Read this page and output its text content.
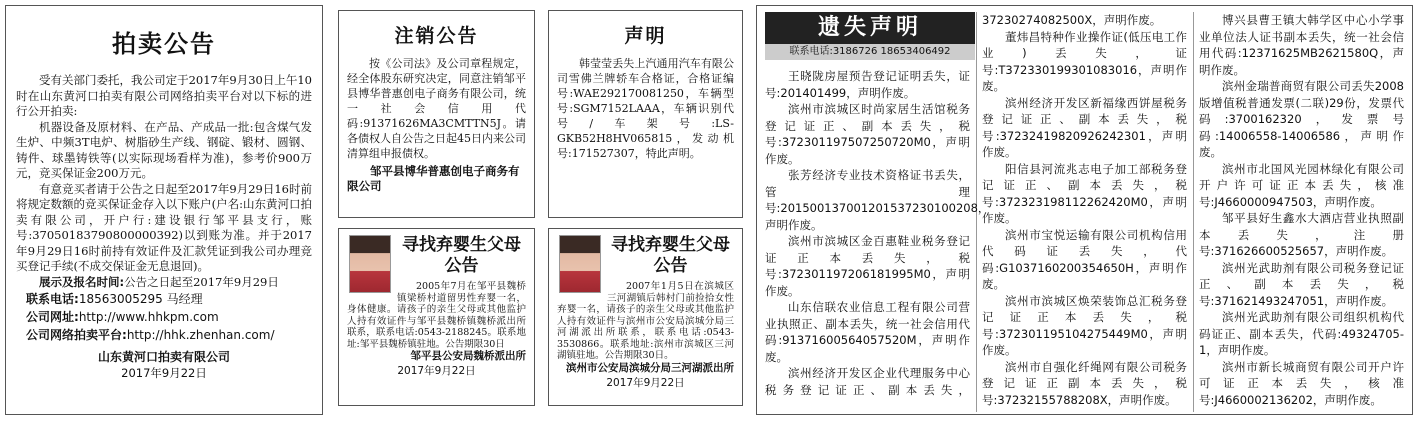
拍卖公告

受有关部门委托，我公司定于2017年9月30日上午10时在山东黄河口拍卖有限公司网络拍卖平台对以下标的进行公开拍卖:

机器设备及原材料、在产品、产成品一批:包含煤气发生炉、中频3T电炉、树脂砂生产线、钢碇、锻材、圆钢、铸件、球墨铸铁等(以实际现场看样为准)，参考价900万元，竞买保证金200万元。

有意竞买者请于公告之日起至2017年9月29日16时前将规定数额的竞买保证金存入以下账户(户名:山东黄河口拍卖有限公司，开户行:建设银行邹平县支行，账号:37050183790800000392)以到账为准。并于2017年9月29日16时前持有效证件及汇款凭证到我公司办理竞买登记手续(不成交保证金无息退回)。

展示及报名时间:公告之日起至2017年9月29日

联系电话:18563005295 马经理
公司网址:http://www.hhkpm.com
公司网络拍卖平台:http://hhk.zhenhan.com/
山东黄河口拍卖有限公司
2017年9月22日
注销公告

按《公司法》及公司章程规定，经全体股东研究决定，同意注销邹平县博华普惠创电子商务有限公司，统一社会信用代码:91371626MA3CMTTN5J。请各债权人自公告之日起45日内来公司清算组申报债权。

邹平县博华普惠创电子商务有限公司
声明

韩莹莹丢失上汽通用汽车有限公司雪佛兰牌轿车合格证，合格证编号:WAE292170081250，车辆型号:SGM7152LAAA，车辆识别代号/车架号:LS-GKB52H8HV065815，发动机号:171527307，特此声明。

寻找弃婴生父母
公告

2005年7月在邹平县魏桥镇梁桥村道留男性弃婴一名，身体健康。请孩子的亲生父母或其他监护人持有效证件与邹平县魏桥镇魏桥派出所联系，联系电话:0543-2188245。联系地址:邹平县魏桥镇驻地。公告期限30日

邹平县公安局魏桥派出所
2017年9月22日
寻找弃婴生父母
公告

2007年1月5日在滨城区三河湖镇后韩村门前捡拾女性弃婴一名，请孩子的亲生父母或其他监护人持有效证件与滨州市公安局滨城分局三河湖派出所联系，联系电话:0543-3530866。联系地址:滨州市滨城区三河湖镇驻地。公告期限30日。

滨州市公安局滨城分局三河湖派出所
2017年9月22日
遗失声明
联系电话:3186726 18653406492

王晓陇房屋预告登记证明丢失，证号:201401499，声明作废。

滨州市滨城区时尚家居生活馆税务登记证正、副本丢失，税号:372301197507250720M0，声明作废。

张芳经济专业技术资格证书丢失，管理号:201500137001201537230100208，声明作废。

滨州市滨城区金百惠鞋业税务登记证正本丢失，税号:372301197206181995M0，声明作废。

山东信联农业信息工程有限公司营业执照正、副本丢失，统一社会信用代码:913716005640575​20M，声明作废。

滨州经济开发区企业代理服务中心税务登记证正、副本丢失，372302740825​00X，声明作废。

董炜昌特种作业操作证(低压电工作业)丢失，证号:T372330199301083016，声明作废。

滨州经济开发区新福缘西饼屋税务登记证正、副本丢失，税号:372324198209262423​01，声明作废。

阳信县河流兆志电子加工部税务登记证正、副本丢失，税号:37232319811226242​0M0，声明作废。

滨州市宝悦运输有限公司机构信用代码证丢失，代码:G1037160200354650H，声明作废。

滨州市滨城区焕荣装饰总汇税务登记证正本丢失，税号:372301195104275449M0，声明作废。

滨州市自强化纤绳网有限公司税务登记证正副本丢失，税号:37232155788208X，声明作废。

博兴县曹王镇大韩学区中心小学事业单位法人证书副本丢失，统一社会信用代码:12371625MB2621580Q，声明作废。

滨州金瑞普商贸有限公司丢失2008版增值税普通发票(二联)29份，发票代码:3700162320，发票号码:14006558-14006586，声明作废。

滨州市北国风光园林绿化有限公司开户许可证正本丢失，核准号:J4660000947503，声明作废。

邹平县好生鑫水大酒店营业执照副本丢失，注册号:371626600525657，声明作废。

滨州光武助剂有限公司税务登记证正、副本丢失，税号:371621493247051，声明作废。

滨州光武助剂有限公司组织机构代码证正、副本丢失，代码:49324705-1，声明作废。

滨州市新长城商贸有限公司开户许可证正本丢失，核准号:J4660002136202，声明作废。
